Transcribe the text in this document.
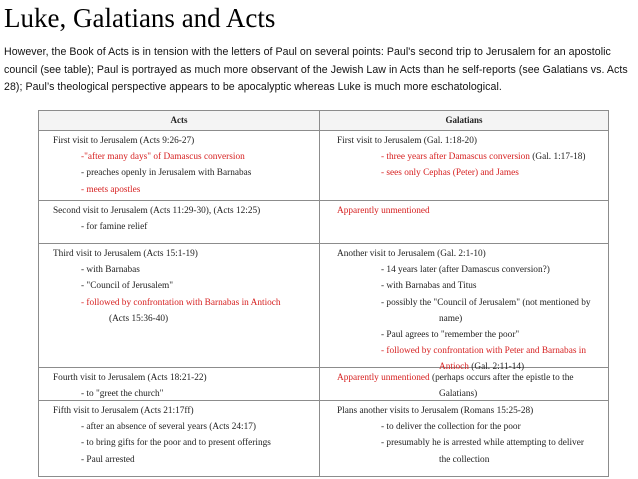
Luke, Galatians and Acts
However, the Book of Acts is in tension with the letters of Paul on several points: Paul's second trip to Jerusalem for an apostolic council (see table); Paul is portrayed as much more observant of the Jewish Law in Acts than he self-reports (see Galatians vs. Acts 28); Paul’s theological perspective appears to be apocalyptic whereas Luke is much more eschatological.
Acts	Galatians
First visit to Jerusalem (Acts 9:26-27)
-"after many days" of Damascus conversion
- preaches openly in Jerusalem with Barnabas
- meets apostles
First visit to Jerusalem (Gal. 1:18-20)
- three years after Damascus conversion (Gal. 1:17-18)
- sees only Cephas (Peter) and James
Second visit to Jerusalem (Acts 11:29-30), (Acts 12:25)
- for famine relief
Apparently unmentioned
Third visit to Jerusalem (Acts 15:1-19)
- with Barnabas
- "Council of Jerusalem"
- followed by confrontation with Barnabas in Antioch
(Acts 15:36-40)
Another visit to Jerusalem (Gal. 2:1-10)
- 14 years later (after Damascus conversion?)
- with Barnabas and Titus
- possibly the "Council of Jerusalem" (not mentioned by
name)
- Paul agrees to "remember the poor"
- followed by confrontation with Peter and Barnabas in
Antioch (Gal. 2:11-14)
Fourth visit to Jerusalem (Acts 18:21-22)
- to "greet the church"
Apparently unmentioned (perhaps occurs after the epistle to the
Galatians)
Fifth visit to Jerusalem (Acts 21:17ff)
- after an absence of several years (Acts 24:17)
- to bring gifts for the poor and to present offerings
- Paul arrested
Plans another visits to Jerusalem (Romans 15:25-28)
- to deliver the collection for the poor
- presumably he is arrested while attempting to deliver
the collection
